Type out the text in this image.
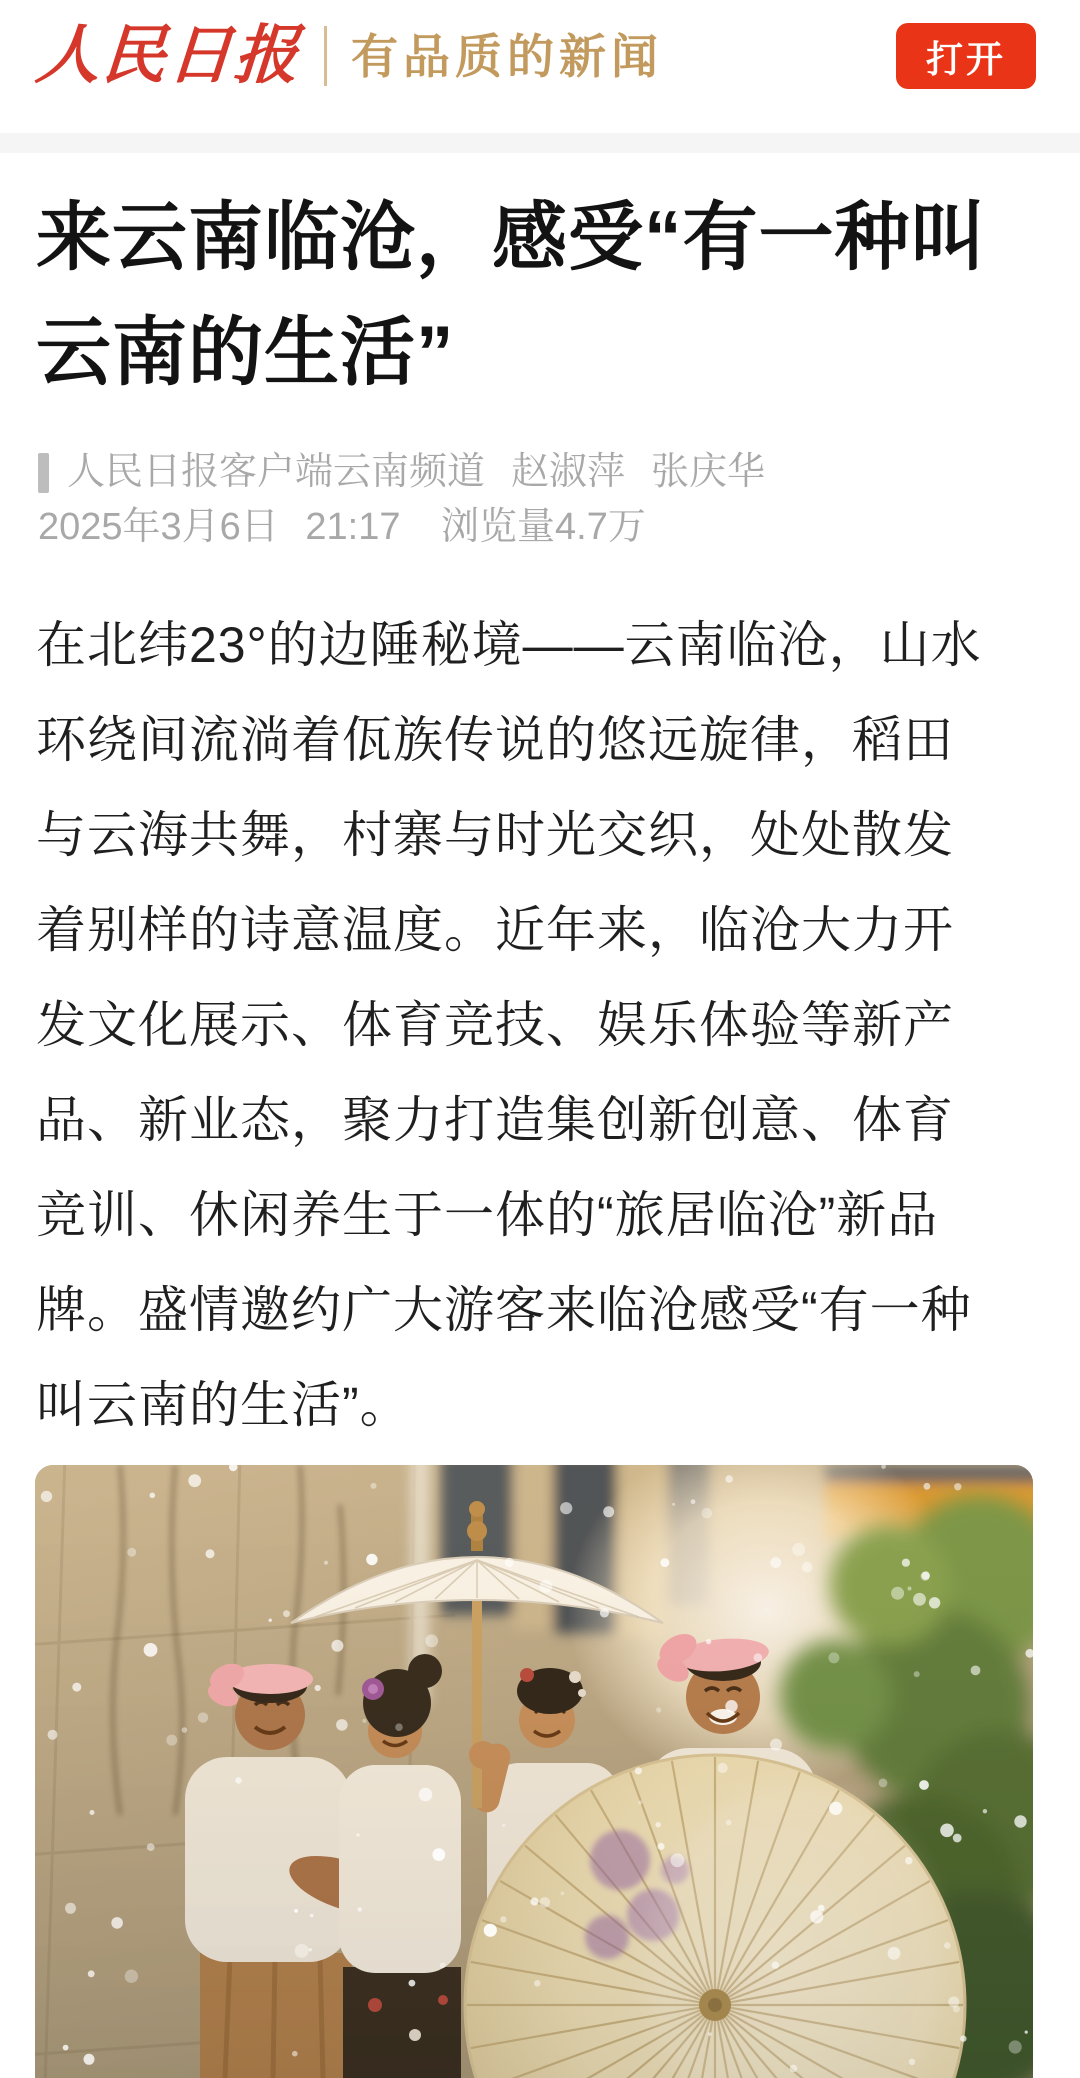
人民日报 有品质的新闻	打开
来云南临沧，感受“有一种叫
云南的生活”
人民日报客户端云南频道 赵淑萍 张庆华
2025年3月6日 21:17 浏览量4.7万
在北纬23°的边陲秘境——云南临沧，山水
环绕间流淌着佤族传说的悠远旋律，稻田
与云海共舞，村寨与时光交织，处处散发
着别样的诗意温度。近年来，临沧大力开
发文化展示、体育竞技、娱乐体验等新产
品、新业态，聚力打造集创新创意、体育
竞训、休闲养生于一体的“旅居临沧”新品
牌。盛情邀约广大游客来临沧感受“有一种
叫云南的生活”。
